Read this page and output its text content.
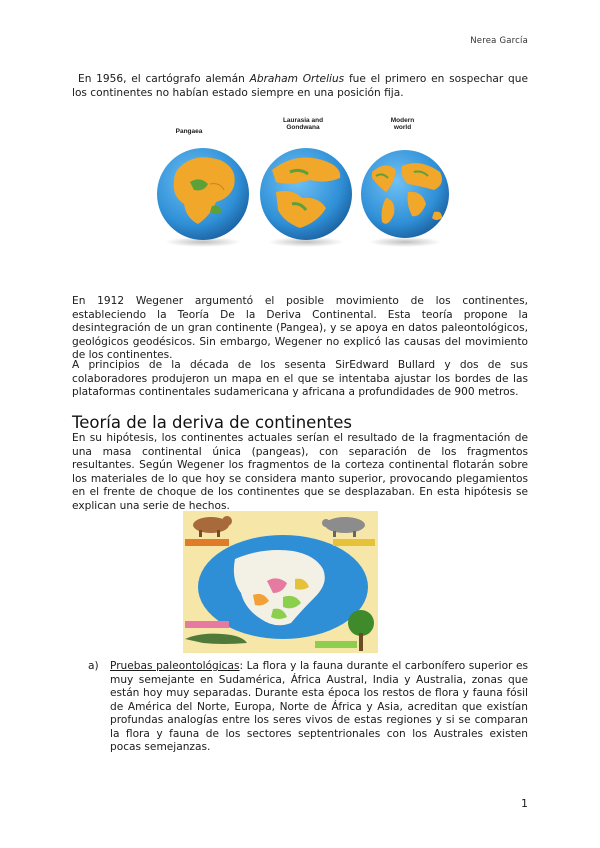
Nerea García
En 1956, el cartógrafo alemán Abraham Ortelius fue el primero en sospechar que los continentes no habían estado siempre en una posición fija.
Pangaea
Laurasia and
Gondwana
Modern
world
En 1912 Wegener argumentó el posible movimiento de los continentes, estableciendo la Teoría De la Deriva Continental. Esta teoría propone la desintegración de un gran continente (Pangea), y se apoya en datos paleontológicos, geológicos geodésicos. Sin embargo, Wegener no explicó las causas del movimiento de los continentes.
A principios de la década de los sesenta SirEdward Bullard y dos de sus colaboradores produjeron un mapa en el que se intentaba ajustar los bordes de las plataformas continentales sudamericana y africana a profundidades de 900 metros.
Teoría de la deriva de continentes
En su hipótesis, los continentes actuales serían el resultado de la fragmentación de una masa continental única (pangeas), con separación de los fragmentos resultantes. Según Wegener los fragmentos de la corteza continental flotarán sobre los materiales de lo que hoy se considera manto superior, provocando plegamientos en el frente de choque de los continentes que se desplazaban. En esta hipótesis se explican una serie de hechos.
a) Pruebas paleontológicas: La flora y la fauna durante el carbonífero superior es muy semejante en Sudamérica, África Austral, India y Australia, zonas que están hoy muy separadas. Durante esta época los restos de flora y fauna fósil de América del Norte, Europa, Norte de África y Asia, acreditan que existían profundas analogías entre los seres vivos de estas regiones y si se comparan la flora y fauna de los sectores septentrionales con los Australes existen pocas semejanzas.
1
